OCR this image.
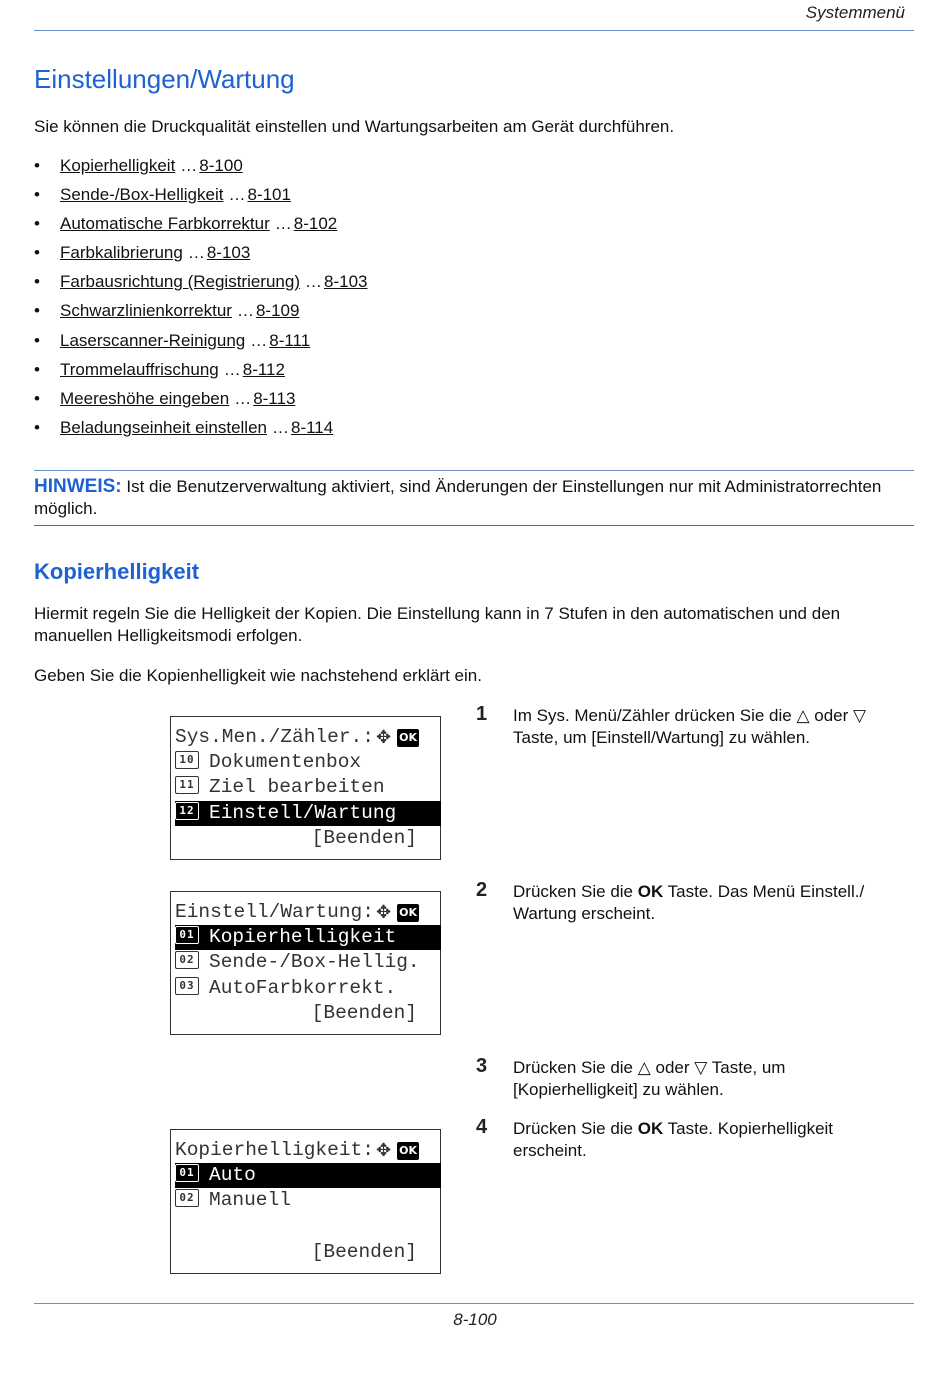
Systemmenü
Einstellungen/Wartung
Sie können die Druckqualität einstellen und Wartungsarbeiten am Gerät durchführen.
•	Kopierhelligkeit … 8-100
•	Sende-/Box-Helligkeit … 8-101
•	Automatische Farbkorrektur … 8-102
•	Farbkalibrierung … 8-103
•	Farbausrichtung (Registrierung) … 8-103
•	Schwarzlinienkorrektur … 8-109
•	Laserscanner-Reinigung … 8-111
•	Trommelauffrischung … 8-112
•	Meereshöhe eingeben … 8-113
•	Beladungseinheit einstellen … 8-114
HINWEIS: Ist die Benutzerverwaltung aktiviert, sind Änderungen der Einstellungen nur mit Administratorrechten möglich.
Kopierhelligkeit
Hiermit regeln Sie die Helligkeit der Kopien. Die Einstellung kann in 7 Stufen in den automatischen und den manuellen Helligkeitsmodi erfolgen.
Geben Sie die Kopienhelligkeit wie nachstehend erklärt ein.
Sys.Men./Zähler.: ✥ OK
10 Dokumentenbox
11 Ziel bearbeiten
12 Einstell/Wartung
[Beenden]
Einstell/Wartung: ✥ OK
01 Kopierhelligkeit
02 Sende-/Box-Hellig.
03 AutoFarbkorrekt.
[Beenden]
Kopierhelligkeit: ✥ OK
01 Auto
02 Manuell
[Beenden]
1 Im Sys. Menü/Zähler drücken Sie die △ oder ▽
Taste, um [Einstell/Wartung] zu wählen.
2 Drücken Sie die OK Taste. Das Menü Einstell./
Wartung erscheint.
3 Drücken Sie die △ oder ▽ Taste, um
[Kopierhelligkeit] zu wählen.
4 Drücken Sie die OK Taste. Kopierhelligkeit
erscheint.
8-100
